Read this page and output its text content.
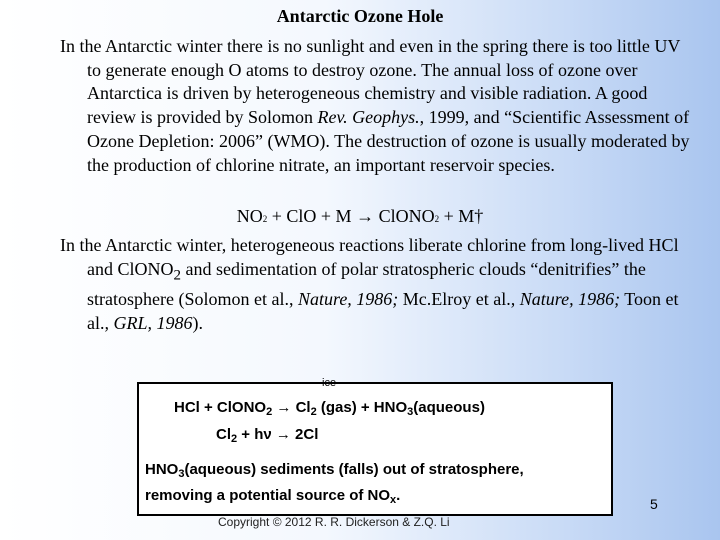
Antarctic Ozone Hole
In the Antarctic winter there is no sunlight and even in the spring there is too little UV to generate enough O atoms to destroy ozone. The annual loss of ozone over Antarctica is driven by heterogeneous chemistry and visible radiation. A good review is provided by Solomon Rev. Geophys., 1999, and “Scientific Assessment of Ozone Depletion: 2006” (WMO). The destruction of ozone is usually moderated by the production of chlorine nitrate, an important reservoir species.
NO2 + ClO + M → ClONO2 + M†
In the Antarctic winter, heterogeneous reactions liberate chlorine from long-lived HCl and ClONO$_2$ and sedimentation of polar stratospheric clouds “denitrifies” the stratosphere (Solomon et al., Nature, 1986; Mc.Elroy et al., Nature, 1986; Toon et al., GRL, 1986).
ice
HCl + ClONO$_2$ → $Cl_2$ $(gas) + HNO_3(aqueous)$
$Cl_2 + h\nu \to 2Cl$
$HNO_3(aqueous)$ sediments (falls) out of stratosphere,
removing a potential source of $NO_x$.
Copyright © 2012 R. R. Dickerson & Z.Q. Li
5
